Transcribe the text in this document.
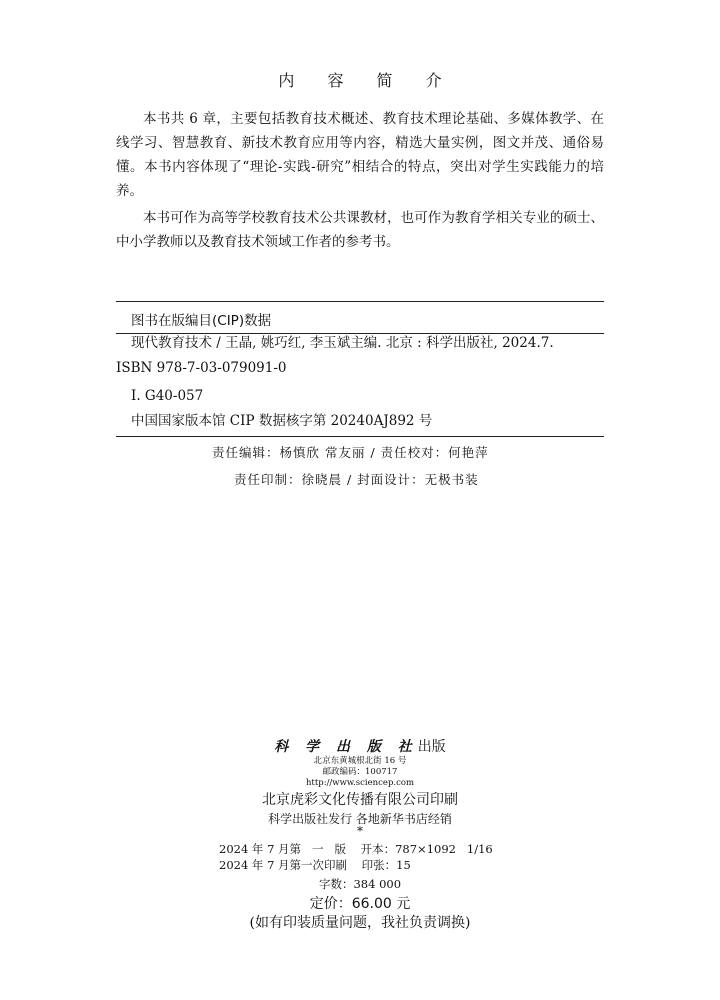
内 容 简 介
本书共 6 章，主要包括教育技术概述、教育技术理论基础、多媒体教学、在线学习、智慧教育、新技术教育应用等内容，精选大量实例，图文并茂、通俗易懂。本书内容体现了“理论-实践-研究”相结合的特点，突出对学生实践能力的培养。
本书可作为高等学校教育技术公共课教材，也可作为教育学相关专业的硕士、中小学教师以及教育技术领域工作者的参考书。
图书在版编目(CIP)数据
现代教育技术 / 王晶, 姚巧红, 李玉斌主编. 北京 : 科学出版社, 2024.7.
ISBN 978-7-03-079091-0
Ⅰ. G40-057
中国国家版本馆 CIP 数据核字第 20240AJ892 号
责任编辑：杨慎欣 常友丽 / 责任校对：何艳萍
责任印制：徐晓晨 / 封面设计：无极书装
科 学 出 版 社出版
北京东黄城根北街 16 号
邮政编码：100717
http://www.sciencep.com
北京虎彩文化传播有限公司印刷
科学出版社发行 各地新华书店经销
*
2024 年 7 月第   一   版    开本：787×1092   1/16
2024 年 7 月第一次印刷    印张：15
字数：384 000
定价：66.00 元
(如有印装质量问题，我社负责调换)
